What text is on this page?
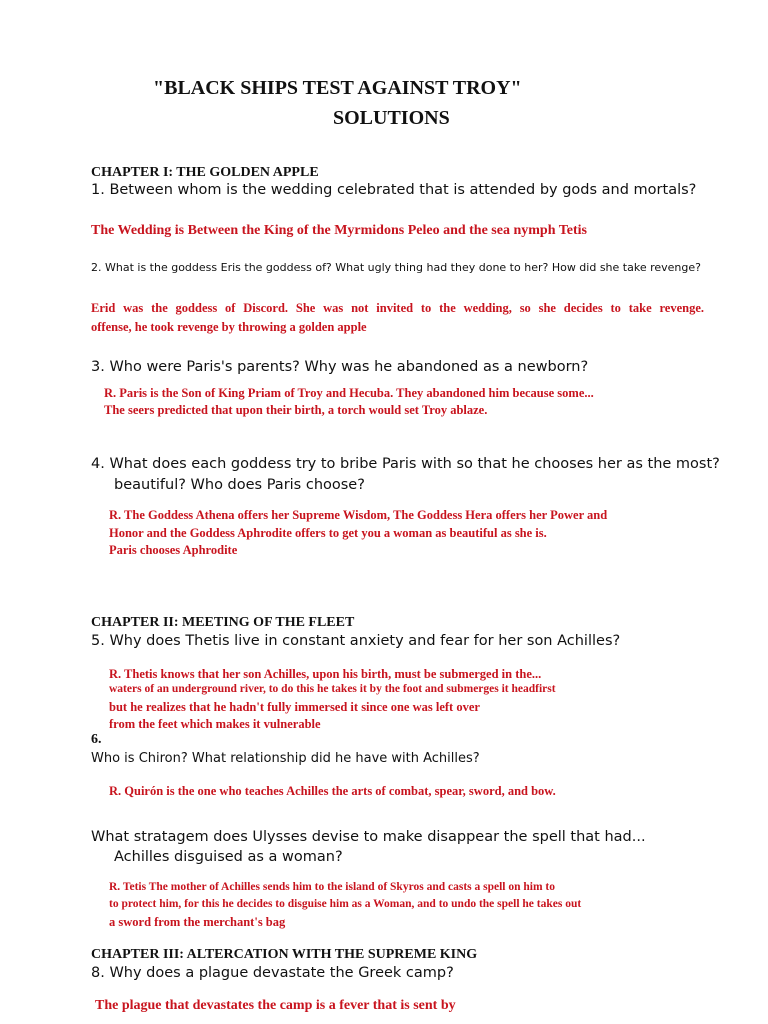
"BLACK SHIPS TEST AGAINST TROY"
SOLUTIONS
CHAPTER I: THE GOLDEN APPLE
1. Between whom is the wedding celebrated that is attended by gods and mortals?
The Wedding is Between the King of the Myrmidons Peleo and the sea nymph Tetis
2. What is the goddess Eris the goddess of? What ugly thing had they done to her? How did she take revenge?
Erid was the goddess of Discord. She was not invited to the wedding, so she decides to take revenge.
offense, he took revenge by throwing a golden apple
3. Who were Paris's parents? Why was he abandoned as a newborn?
R. Paris is the Son of King Priam of Troy and Hecuba. They abandoned him because some...
The seers predicted that upon their birth, a torch would set Troy ablaze.
4. What does each goddess try to bribe Paris with so that he chooses her as the most?
beautiful? Who does Paris choose?
R. The Goddess Athena offers her Supreme Wisdom, The Goddess Hera offers her Power and
Honor and the Goddess Aphrodite offers to get you a woman as beautiful as she is.
Paris chooses Aphrodite
CHAPTER II: MEETING OF THE FLEET
5. Why does Thetis live in constant anxiety and fear for her son Achilles?
R. Thetis knows that her son Achilles, upon his birth, must be submerged in the...
waters of an underground river, to do this he takes it by the foot and submerges it headfirst
but he realizes that he hadn't fully immersed it since one was left over
from the feet which makes it vulnerable
6.
Who is Chiron? What relationship did he have with Achilles?
R. Quirón is the one who teaches Achilles the arts of combat, spear, sword, and bow.
What stratagem does Ulysses devise to make disappear the spell that had...
Achilles disguised as a woman?
R. Tetis The mother of Achilles sends him to the island of Skyros and casts a spell on him to
to protect him, for this he decides to disguise him as a Woman, and to undo the spell he takes out
a sword from the merchant's bag
CHAPTER III: ALTERCATION WITH THE SUPREME KING
8. Why does a plague devastate the Greek camp?
The plague that devastates the camp is a fever that is sent by
